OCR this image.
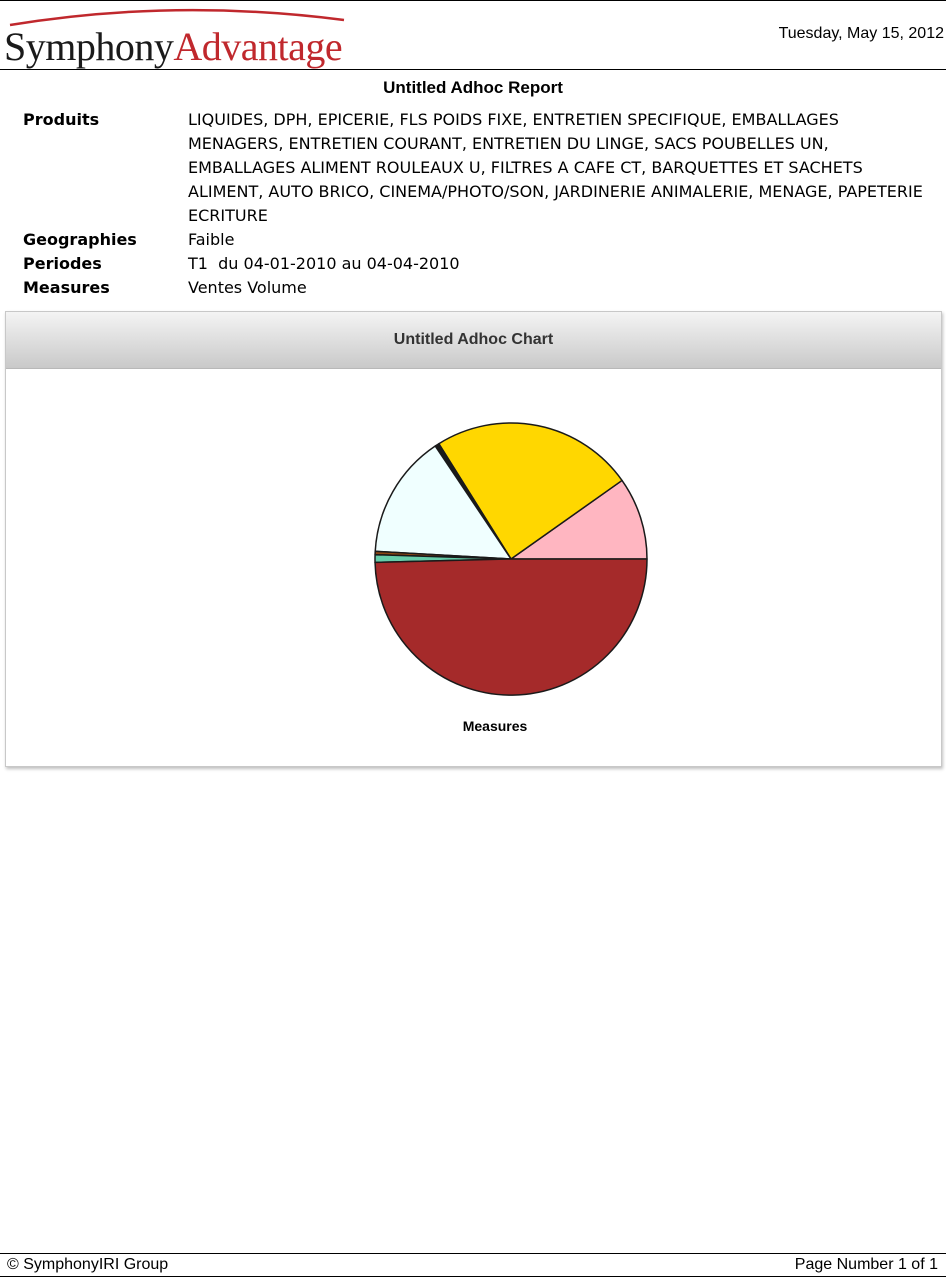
SymphonyAdvantage	Tuesday, May 15, 2012
Untitled Adhoc Report
Produits	LIQUIDES, DPH, EPICERIE, FLS POIDS FIXE, ENTRETIEN SPECIFIQUE, EMBALLAGES MENAGERS, ENTRETIEN COURANT, ENTRETIEN DU LINGE, SACS POUBELLES UN, EMBALLAGES ALIMENT ROULEAUX U, FILTRES A CAFE CT, BARQUETTES ET SACHETS ALIMENT, AUTO BRICO, CINEMA/PHOTO/SON, JARDINERIE ANIMALERIE, MENAGE, PAPETERIE ECRITURE
Geographies	Faible
Periodes	T1  du 04-01-2010 au 04-04-2010
Measures	Ventes Volume
Untitled Adhoc Chart
Measures
© SymphonyIRI Group	Page Number 1 of 1
